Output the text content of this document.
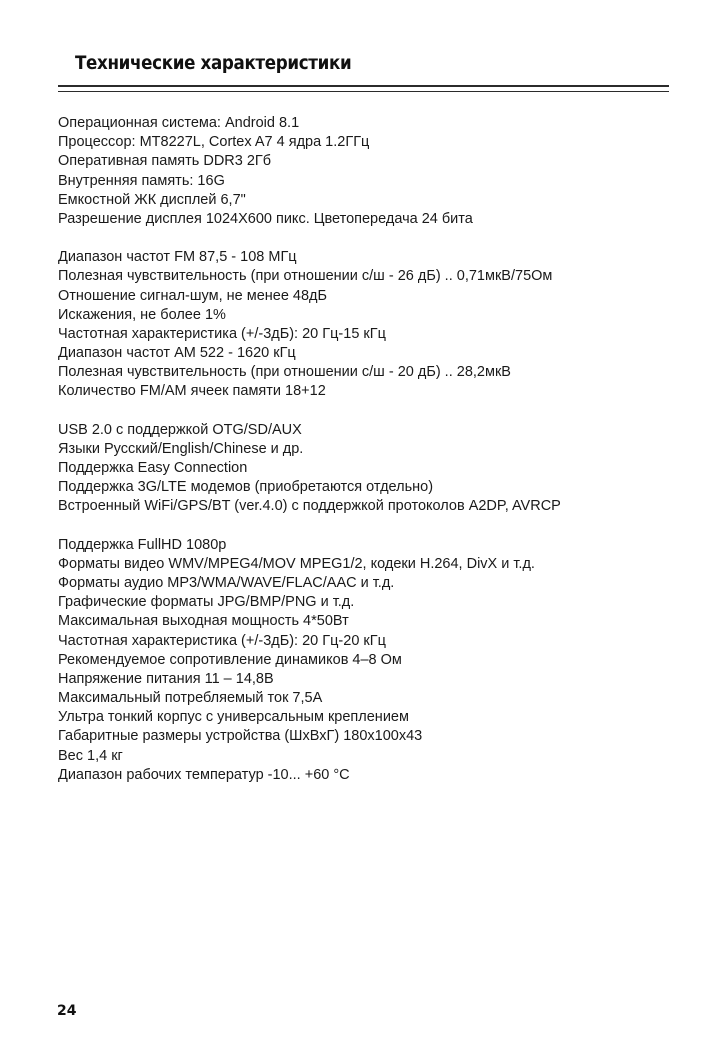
Технические характеристики
Операционная система: Android 8.1
Процессор: MT8227L, Cortex A7 4 ядра 1.2ГГц
Оперативная память DDR3 2Гб
Внутренняя память: 16G
Емкостной ЖК дисплей 6,7"
Разрешение дисплея 1024Х600 пикс. Цветопередача 24 бита
Диапазон частот FM 87,5 - 108 МГц
Полезная чувствительность (при отношении с/ш - 26 дБ) .. 0,71мкВ/75Ом
Отношение сигнал-шум, не менее 48дБ
Искажения, не более 1%
Частотная характеристика (+/-3дБ): 20 Гц-15 кГц
Диапазон частот AM 522 - 1620 кГц
Полезная чувствительность (при отношении с/ш - 20 дБ) .. 28,2мкВ
Количество FM/AM ячеек памяти 18+12
USB 2.0 с поддержкой OTG/SD/AUX
Языки Русский/English/Chinese и др.
Поддержка Easy Connection
Поддержка 3G/LTE модемов (приобретаются отдельно)
Встроенный WiFi/GPS/BT (ver.4.0) с поддержкой протоколов A2DP, AVRCP
Поддержка FullHD 1080p
Форматы видео WMV/MPEG4/MOV MPEG1/2, кодеки H.264, DivX и т.д.
Форматы аудио MP3/WMA/WAVE/FLAC/AAC и т.д.
Графические форматы JPG/BMP/PNG и т.д.
Максимальная выходная мощность 4*50Вт
Частотная характеристика (+/-3дБ): 20 Гц-20 кГц
Рекомендуемое сопротивление динамиков 4–8 Ом
Напряжение питания 11 – 14,8В
Максимальный потребляемый ток 7,5А
Ультра тонкий корпус с универсальным креплением
Габаритные размеры устройства (ШхВхГ) 180х100х43
Вес 1,4 кг
Диапазон рабочих температур -10... +60 °С
24
